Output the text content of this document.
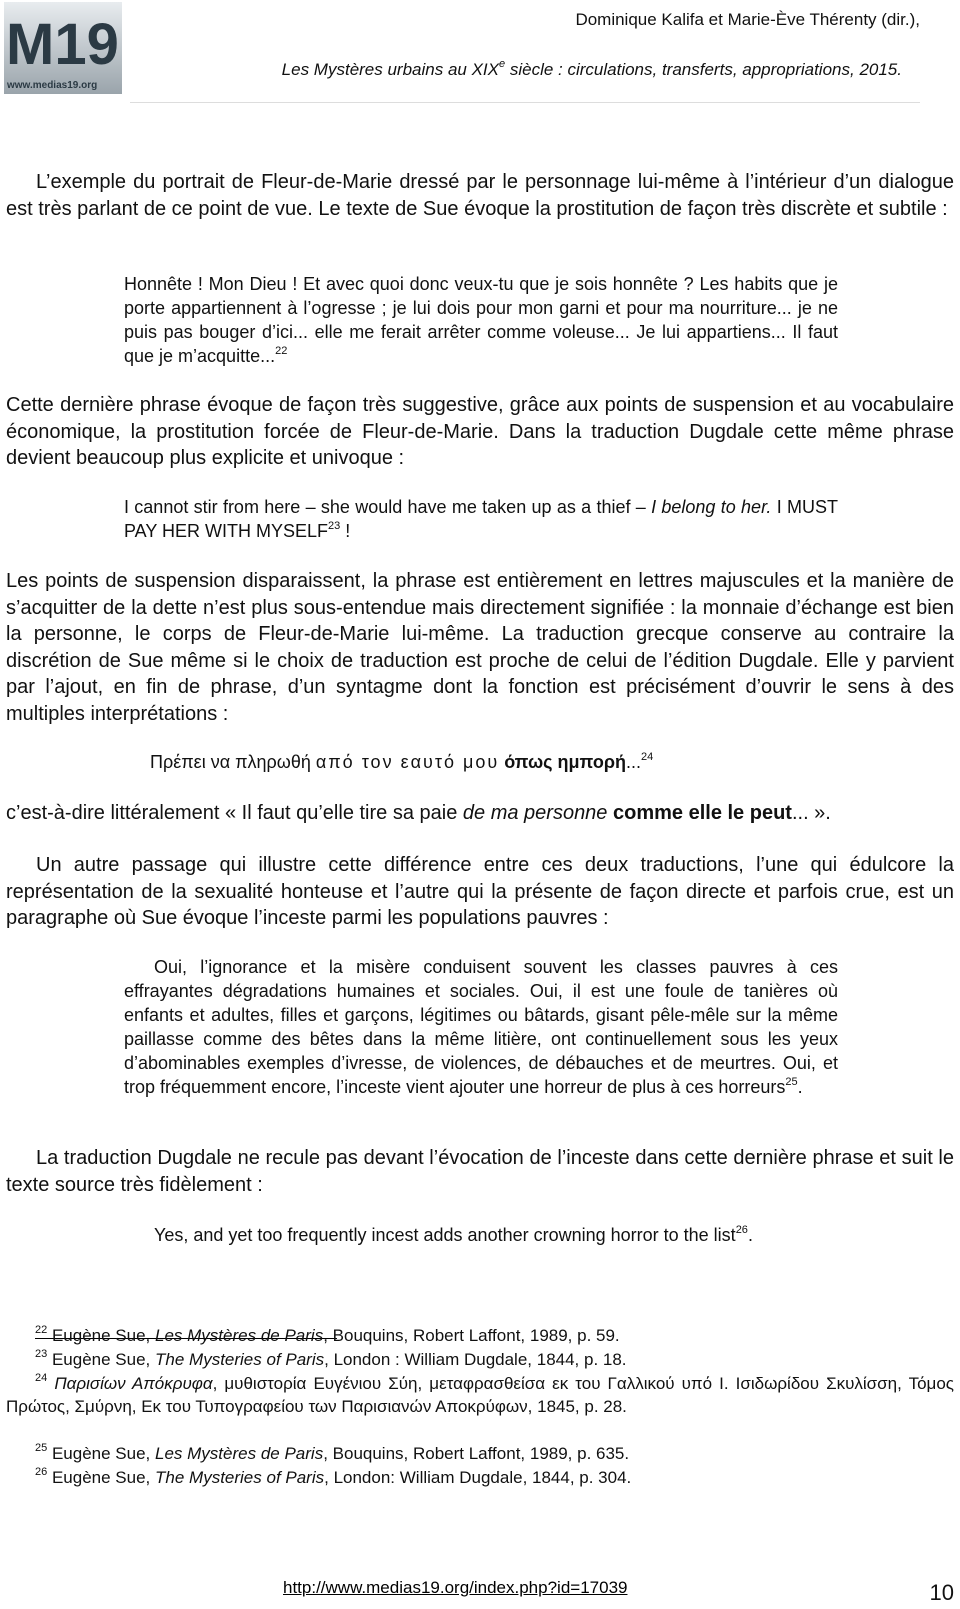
M19
www.medias19.org
Dominique Kalifa et Marie-Ève Thérenty (dir.),
Les Mystères urbains au XIXe siècle : circulations, transferts, appropriations, 2015.

L’exemple du portrait de Fleur-de-Marie dressé par le personnage lui-même à l’intérieur d’un dialogue est très parlant de ce point de vue. Le texte de Sue évoque la prostitution de façon très discrète et subtile :

Honnête ! Mon Dieu ! Et avec quoi donc veux-tu que je sois honnête ? Les habits que je porte appartiennent à l’ogresse ; je lui dois pour mon garni et pour ma nourriture... je ne puis pas bouger d’ici... elle me ferait arrêter comme voleuse... Je lui appartiens... Il faut que je m’acquitte...$^{22}$

Cette dernière phrase évoque de façon très suggestive, grâce aux points de suspension et au vocabulaire économique, la prostitution forcée de Fleur-de-Marie. Dans la traduction Dugdale cette même phrase devient beaucoup plus explicite et univoque :

I cannot stir from here – she would have me taken up as a thief – I belong to her. I MUST PAY HER WITH MYSELF$^{23}$ !

Les points de suspension disparaissent, la phrase est entièrement en lettres majuscules et la manière de s’acquitter de la dette n’est plus sous-entendue mais directement signifiée : la monnaie d’échange est bien la personne, le corps de Fleur-de-Marie lui-même. La traduction grecque conserve au contraire la discrétion de Sue même si le choix de traduction est proche de celui de l’édition Dugdale. Elle y parvient par l’ajout, en fin de phrase, d’un syntagme dont la fonction est précisément d’ouvrir le sens à des multiples interprétations :

Πρέπει να πληρωθή από τον εαυτό μου όπως ημπορή...$^{24}$

c’est-à-dire littéralement « Il faut qu’elle tire sa paie de ma personne comme elle le peut... ».

Un autre passage qui illustre cette différence entre ces deux traductions, l’une qui édulcore la représentation de la sexualité honteuse et l’autre qui la présente de façon directe et parfois crue, est un paragraphe où Sue évoque l’inceste parmi les populations pauvres :

Oui, l’ignorance et la misère conduisent souvent les classes pauvres à ces effrayantes dégradations humaines et sociales. Oui, il est une foule de tanières où enfants et adultes, filles et garçons, légitimes ou bâtards, gisant pêle-mêle sur la même paillasse comme des bêtes dans la même litière, ont continuellement sous les yeux d’abominables exemples d’ivresse, de violences, de débauches et de meurtres. Oui, et trop fréquemment encore, l’inceste vient ajouter une horreur de plus à ces horreurs$^{25}$.

La traduction Dugdale ne recule pas devant l’évocation de l’inceste dans cette dernière phrase et suit le texte source très fidèlement :

Yes, and yet too frequently incest adds another crowning horror to the list$^{26}$.

$^{22}$ Eugène Sue, Les Mystères de Paris, Bouquins, Robert Laffont, 1989, p. 59.

$^{23}$ Eugène Sue, The Mysteries of Paris, London : William Dugdale, 1844, p. 18.

$^{24}$ Παρισίων Απόκρυφα, μυθιστορία Ευγένιου Σύη, μεταφρασθείσα εκ του Γαλλικού υπό Ι. Ισιδωρίδου Σκυλίσση, Τόμος Πρώτος, Σμύρνη, Εκ του Τυπογραφείου των Παρισιανών Αποκρύφων, 1845, p. 28.

$^{25}$ Eugène Sue, Les Mystères de Paris, Bouquins, Robert Laffont, 1989, p. 635.

$^{26}$ Eugène Sue, The Mysteries of Paris, London: William Dugdale, 1844, p. 304.

http://www.medias19.org/index.php?id=17039	10
